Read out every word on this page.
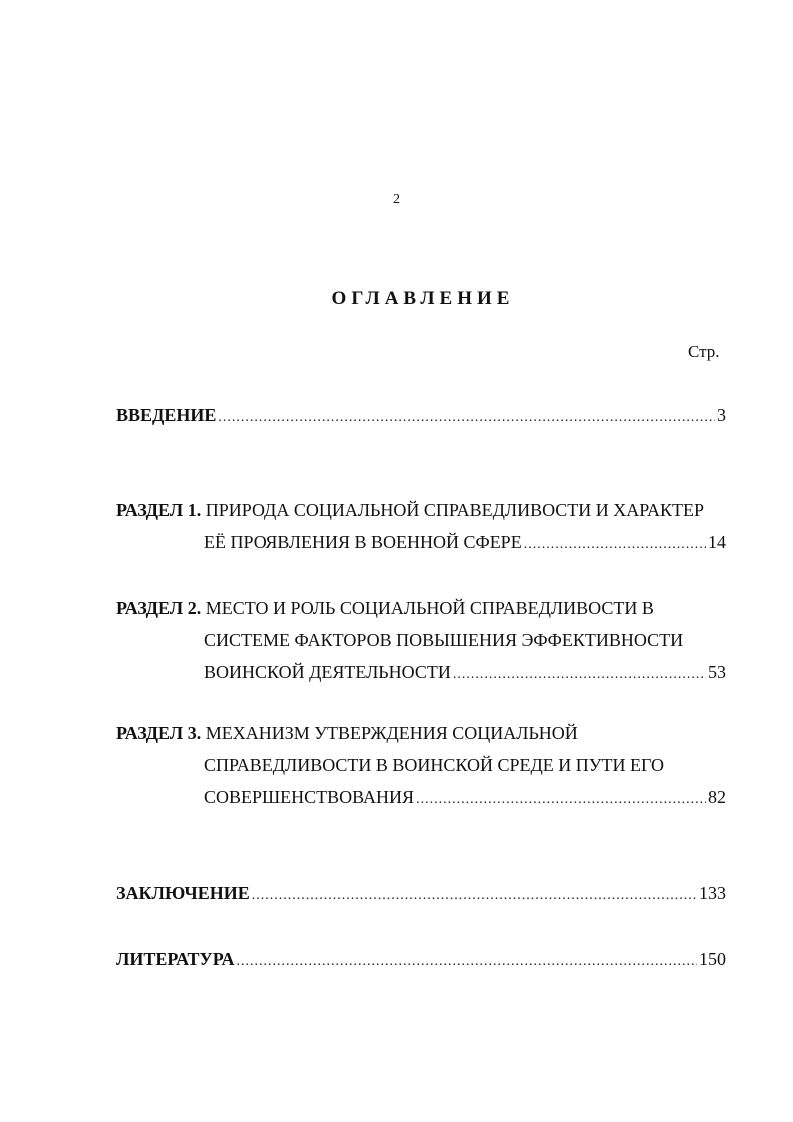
2
ОГЛАВЛЕНИЕ
Стр.
ВВЕДЕНИЕ .....	3
РАЗДЕЛ 1.
ПРИРОДА СОЦИАЛЬНОЙ СПРАВЕДЛИВОСТИ И ХАРАКТЕР
ЕЁ ПРОЯВЛЕНИЯ В ВОЕННОЙ СФЕРЕ .....	14
РАЗДЕЛ 2.
МЕСТО И РОЛЬ СОЦИАЛЬНОЙ СПРАВЕДЛИВОСТИ В
СИСТЕМЕ ФАКТОРОВ ПОВЫШЕНИЯ ЭФФЕКТИВНОСТИ
ВОИНСКОЙ ДЕЯТЕЛЬНОСТИ .....	53
РАЗДЕЛ 3.
МЕХАНИЗМ УТВЕРЖДЕНИЯ СОЦИАЛЬНОЙ
СПРАВЕДЛИВОСТИ В ВОИНСКОЙ СРЕДЕ И ПУТИ ЕГО
СОВЕРШЕНСТВОВАНИЯ .....	82
ЗАКЛЮЧЕНИЕ .....	133
ЛИТЕРАТУРА .....	150
